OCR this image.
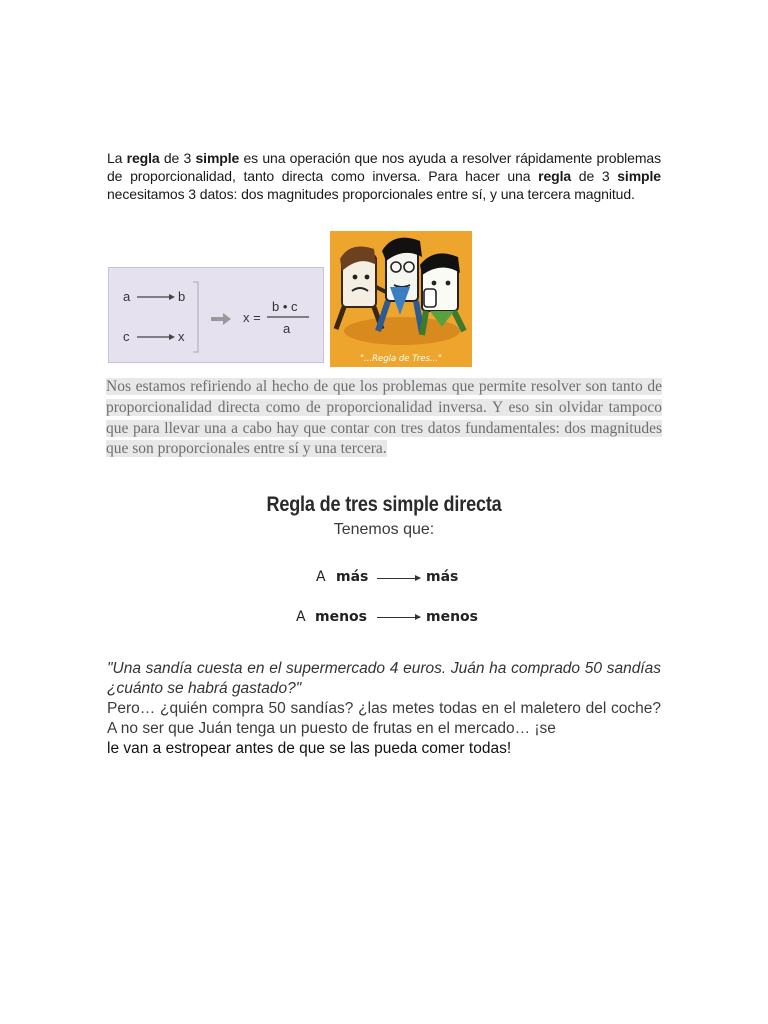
La regla de 3 simple es una operación que nos ayuda a resolver rápidamente problemas de proporcionalidad, tanto directa como inversa. Para hacer una regla de 3 simple necesitamos 3 datos: dos magnitudes proporcionales entre sí, y una tercera magnitud.

a	b
c	x
x =
b • c
a
"...Regla de Tres..."

Nos estamos refiriendo al hecho de que los problemas que permite resolver son tanto de proporcionalidad directa como de proporcionalidad inversa. Y eso sin olvidar tampoco que para llevar una a cabo hay que contar con tres datos fundamentales: dos magnitudes que son proporcionales entre sí y una tercera.

Regla de tres simple directa
Tenemos que:
A más	más
A menos	menos

"Una sandía cuesta en el supermercado 4 euros. Juán ha comprado 50 sandías ¿cuánto se habrá gastado?"
Pero… ¿quién compra 50 sandías? ¿las metes todas en el maletero del coche? A no ser que Juán tenga un puesto de frutas en el mercado… ¡se
le van a estropear antes de que se las pueda comer todas!
